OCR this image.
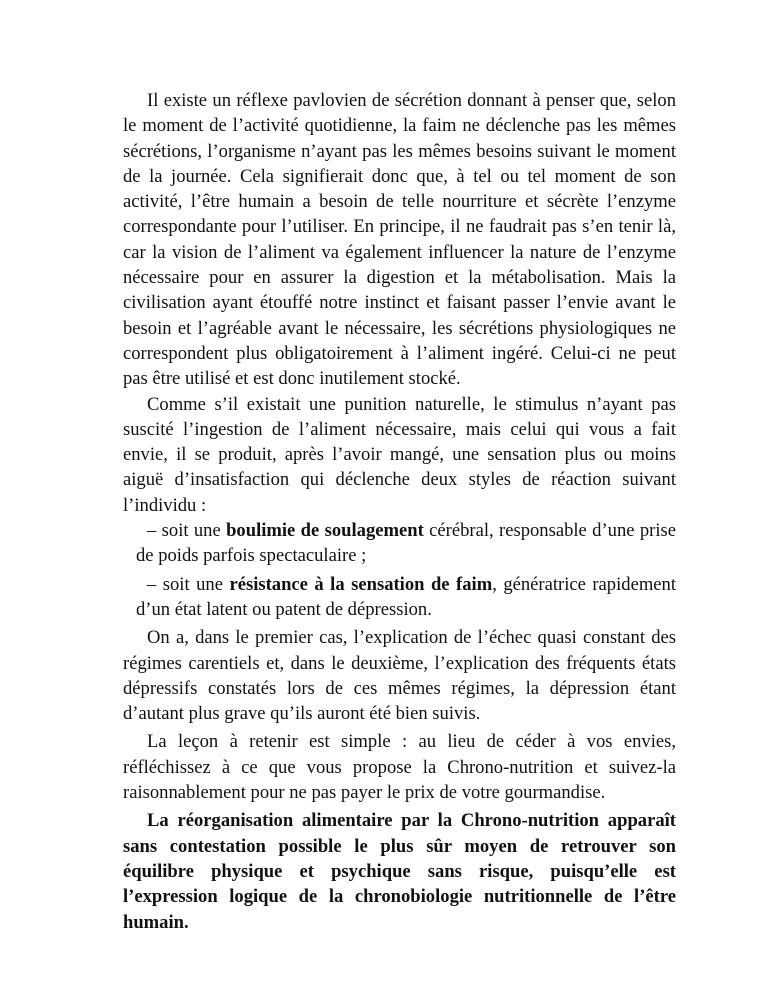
Il existe un réflexe pavlovien de sécrétion donnant à penser que, selon le moment de l’activité quotidienne, la faim ne déclenche pas les mêmes sécrétions, l’organisme n’ayant pas les mêmes besoins suivant le moment de la journée. Cela signifierait donc que, à tel ou tel moment de son activité, l’être humain a besoin de telle nourriture et sécrète l’enzyme correspondante pour l’utiliser. En principe, il ne faudrait pas s’en tenir là, car la vision de l’aliment va également influencer la nature de l’enzyme nécessaire pour en assurer la digestion et la métabolisation. Mais la civilisation ayant étouffé notre instinct et faisant passer l’envie avant le besoin et l’agréable avant le nécessaire, les sécrétions physiologiques ne correspondent plus obligatoirement à l’aliment ingéré. Celui-ci ne peut pas être utilisé et est donc inutilement stocké.

Comme s’il existait une punition naturelle, le stimulus n’ayant pas suscité l’ingestion de l’aliment nécessaire, mais celui qui vous a fait envie, il se produit, après l’avoir mangé, une sensation plus ou moins aiguë d’insatisfaction qui déclenche deux styles de réaction suivant l’individu :

– soit une boulimie de soulagement cérébral, responsable d’une prise de poids parfois spectaculaire ;
– soit une résistance à la sensation de faim, génératrice rapidement d’un état latent ou patent de dépression.

On a, dans le premier cas, l’explication de l’échec quasi constant des régimes carentiels et, dans le deuxième, l’explication des fréquents états dépressifs constatés lors de ces mêmes régimes, la dépression étant d’autant plus grave qu’ils auront été bien suivis.

La leçon à retenir est simple : au lieu de céder à vos envies, réfléchissez à ce que vous propose la Chrono-nutrition et suivez-la raisonnablement pour ne pas payer le prix de votre gourmandise.

La réorganisation alimentaire par la Chrono-nutrition apparaît sans contestation possible le plus sûr moyen de retrouver son équilibre physique et psychique sans risque, puisqu’elle est l’expression logique de la chronobiologie nutritionnelle de l’être humain.
